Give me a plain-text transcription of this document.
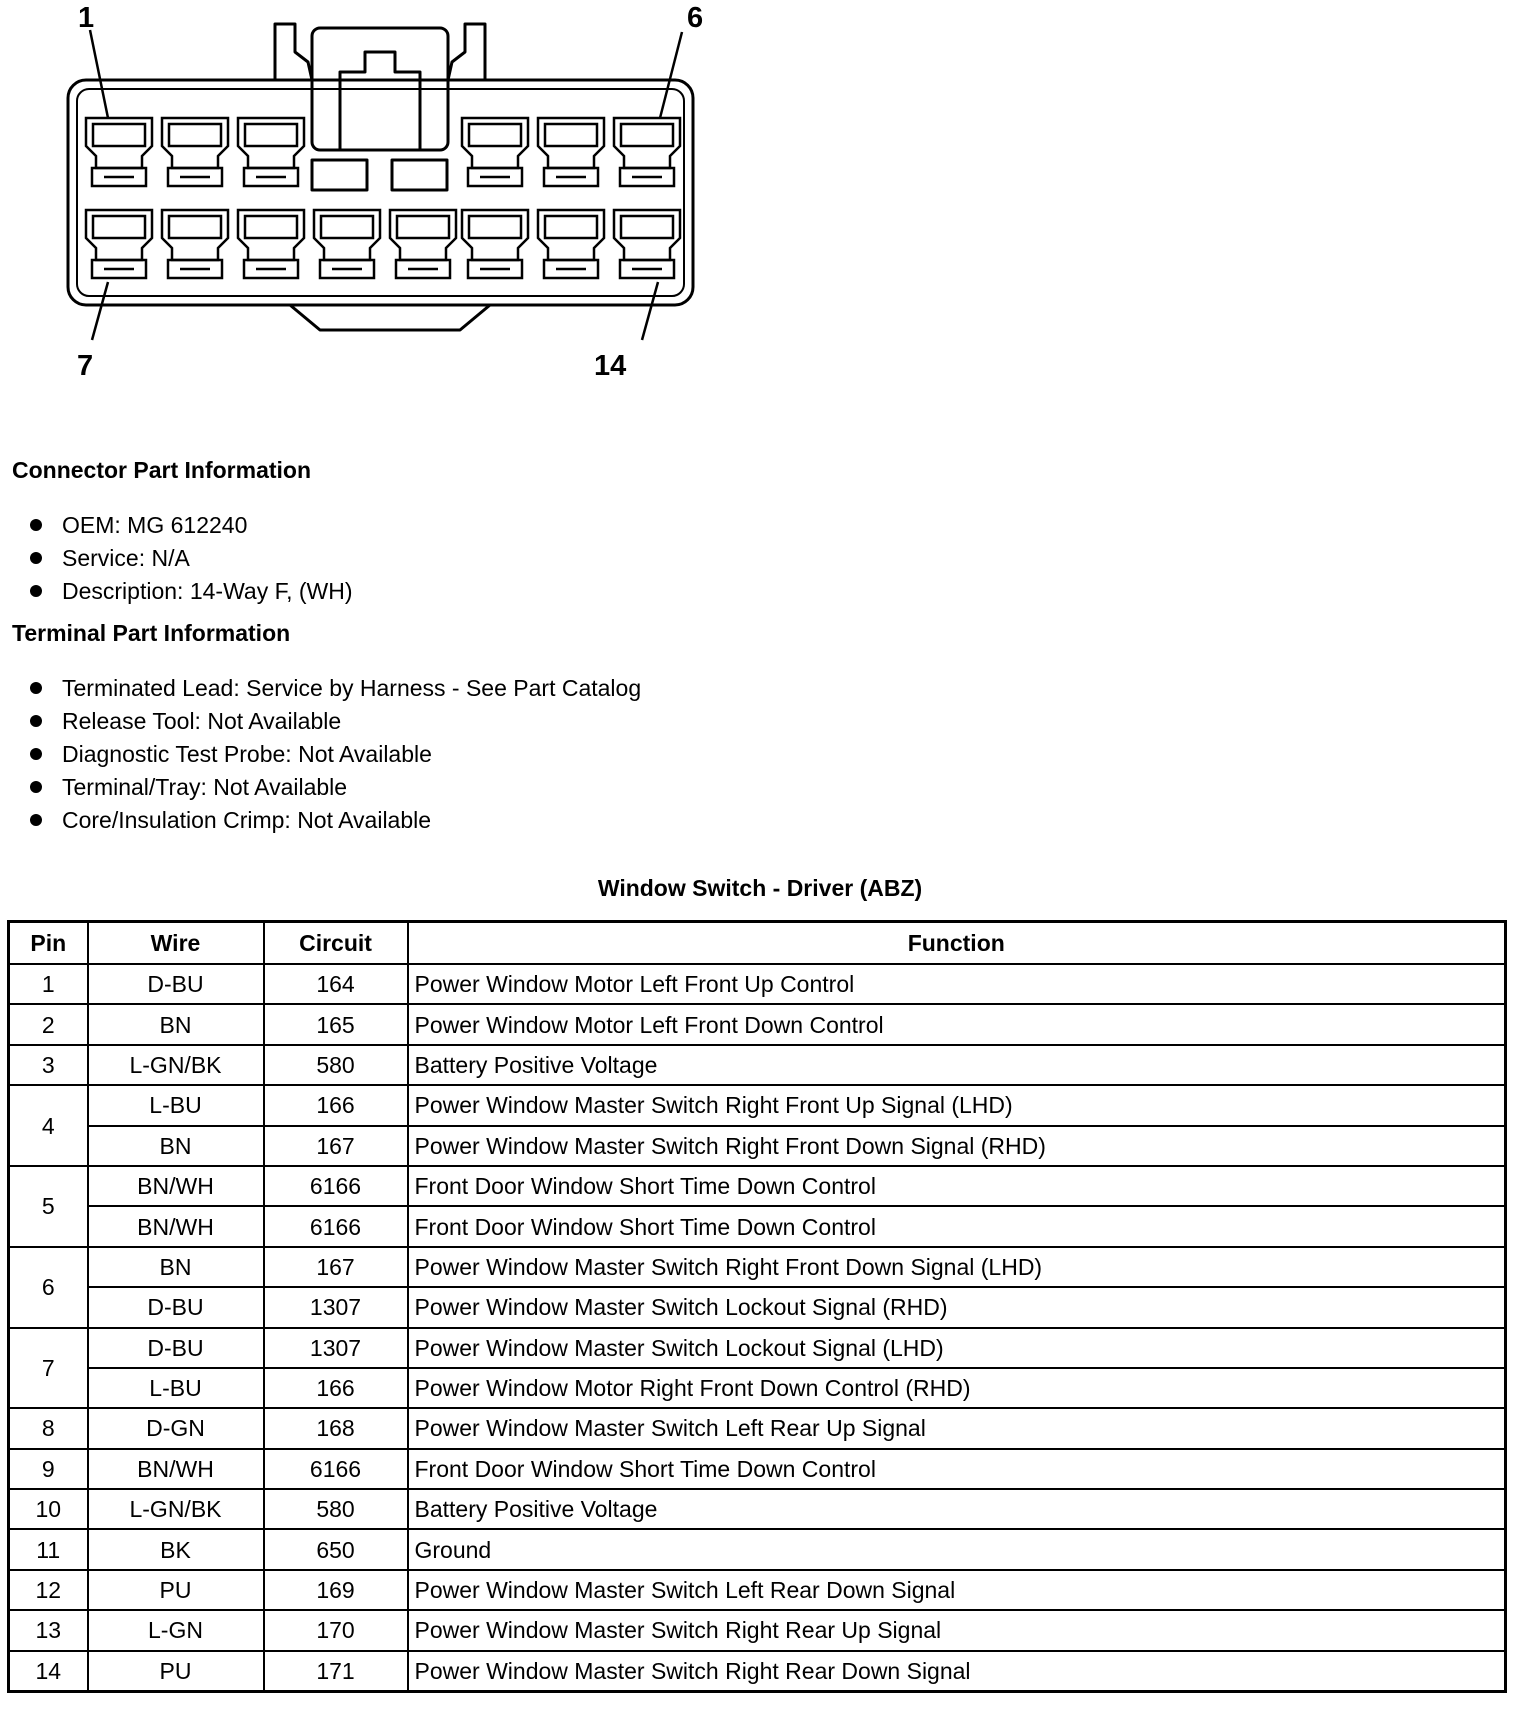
1	6
7	14
Connector Part Information
OEM: MG 612240
Service: N/A
Description: 14-Way F, (WH)
Terminal Part Information
Terminated Lead: Service by Harness - See Part Catalog
Release Tool: Not Available
Diagnostic Test Probe: Not Available
Terminal/Tray: Not Available
Core/Insulation Crimp: Not Available
Window Switch - Driver (ABZ)
Pin	Wire	Circuit	Function
1	D-BU	164	Power Window Motor Left Front Up Control
2	BN	165	Power Window Motor Left Front Down Control
3	L-GN/BK	580	Battery Positive Voltage
4	L-BU	166	Power Window Master Switch Right Front Up Signal (LHD)
	BN	167	Power Window Master Switch Right Front Down Signal (RHD)
5	BN/WH	6166	Front Door Window Short Time Down Control
	BN/WH	6166	Front Door Window Short Time Down Control
6	BN	167	Power Window Master Switch Right Front Down Signal (LHD)
	D-BU	1307	Power Window Master Switch Lockout Signal (RHD)
7	D-BU	1307	Power Window Master Switch Lockout Signal (LHD)
	L-BU	166	Power Window Motor Right Front Down Control (RHD)
8	D-GN	168	Power Window Master Switch Left Rear Up Signal
9	BN/WH	6166	Front Door Window Short Time Down Control
10	L-GN/BK	580	Battery Positive Voltage
11	BK	650	Ground
12	PU	169	Power Window Master Switch Left Rear Down Signal
13	L-GN	170	Power Window Master Switch Right Rear Up Signal
14	PU	171	Power Window Master Switch Right Rear Down Signal
